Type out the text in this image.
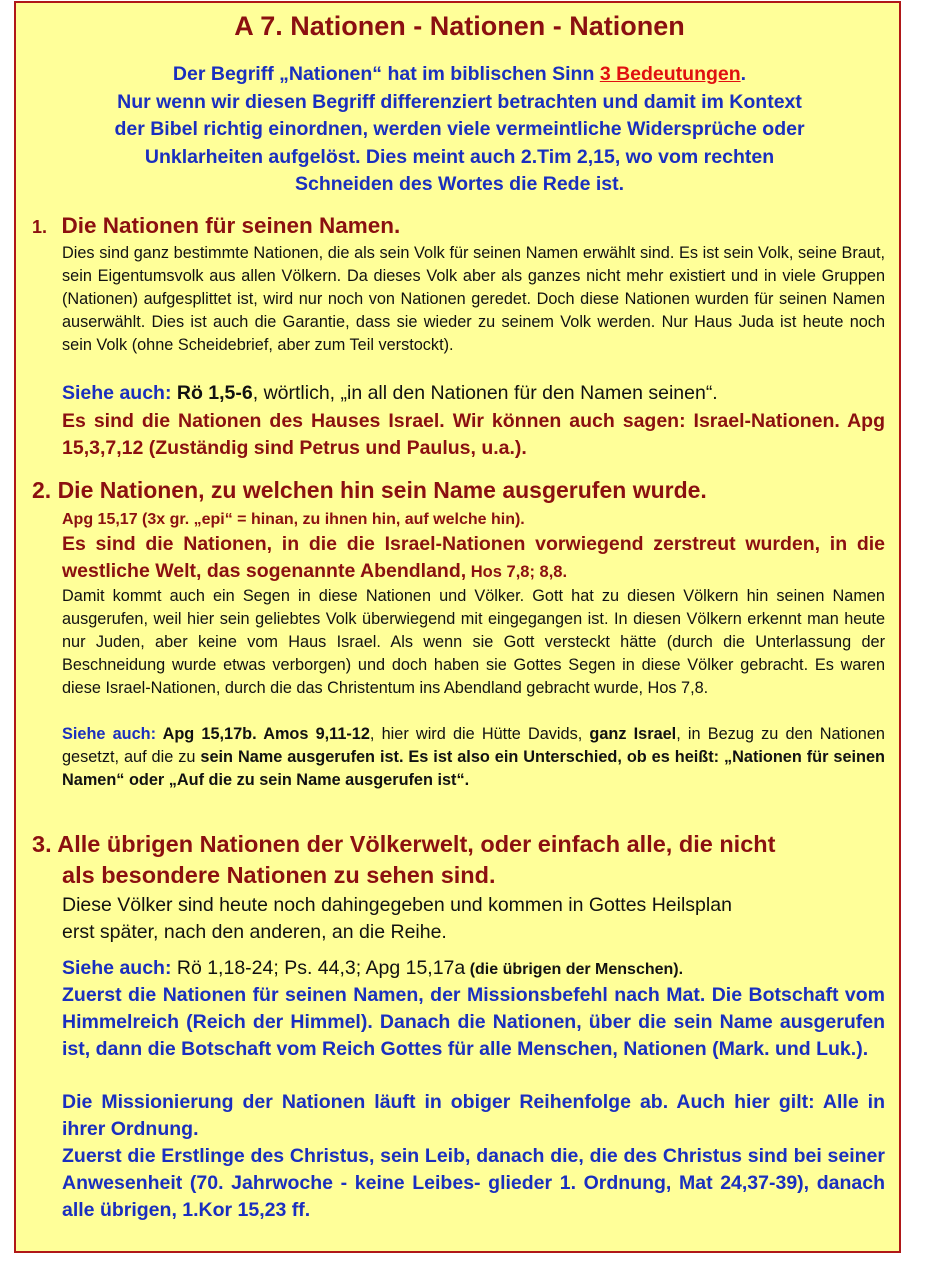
A 7. Nationen - Nationen - Nationen
Der Begriff „Nationen“ hat im biblischen Sinn 3 Bedeutungen.
Nur wenn wir diesen Begriff differenziert betrachten und damit im Kontext
der Bibel richtig einordnen, werden viele vermeintliche Widersprüche oder
Unklarheiten aufgelöst. Dies meint auch 2.Tim 2,15, wo vom rechten
Schneiden des Wortes die Rede ist.
1. Die Nationen für seinen Namen.
Dies sind ganz bestimmte Nationen, die als sein Volk für seinen Namen erwählt sind. Es ist sein Volk, seine Braut, sein Eigentumsvolk aus allen Völkern. Da dieses Volk aber als ganzes nicht mehr existiert und in viele Gruppen (Nationen) aufgesplittet ist, wird nur noch von Nationen geredet. Doch diese Nationen wurden für seinen Namen auserwählt. Dies ist auch die Garantie, dass sie wieder zu seinem Volk werden. Nur Haus Juda ist heute noch sein Volk (ohne Scheidebrief, aber zum Teil verstockt).
Siehe auch: Rö 1,5-6, wörtlich, „in all den Nationen für den Namen seinen“.
Es sind die Nationen des Hauses Israel. Wir können auch sagen: Israel-Nationen. Apg 15,3,7,12 (Zuständig sind Petrus und Paulus, u.a.).
2. Die Nationen, zu welchen hin sein Name ausgerufen wurde.
Apg 15,17 (3x gr. „epi“ = hinan, zu ihnen hin, auf welche hin).
Es sind die Nationen, in die die Israel-Nationen vorwiegend zerstreut wurden, in die westliche Welt, das sogenannte Abendland, Hos 7,8; 8,8.
Damit kommt auch ein Segen in diese Nationen und Völker. Gott hat zu diesen Völkern hin seinen Namen ausgerufen, weil hier sein geliebtes Volk überwiegend mit eingegangen ist. In diesen Völkern erkennt man heute nur Juden, aber keine vom Haus Israel. Als wenn sie Gott versteckt hätte (durch die Unterlassung der Beschneidung wurde etwas verborgen) und doch haben sie Gottes Segen in diese Völker gebracht. Es waren diese Israel-Nationen, durch die das Christentum ins Abendland gebracht wurde, Hos 7,8.
Siehe auch: Apg 15,17b. Amos 9,11-12, hier wird die Hütte Davids, ganz Israel, in Bezug zu den Nationen gesetzt, auf die zu sein Name ausgerufen ist. Es ist also ein Unterschied, ob es heißt: „Nationen für seinen Namen“ oder „Auf die zu sein Name ausgerufen ist“.
3. Alle übrigen Nationen der Völkerwelt, oder einfach alle, die nicht
als besondere Nationen zu sehen sind.
Diese Völker sind heute noch dahingegeben und kommen in Gottes Heilsplan
erst später, nach den anderen, an die Reihe.
Siehe auch: Rö 1,18-24; Ps. 44,3; Apg 15,17a (die übrigen der Menschen).
Zuerst die Nationen für seinen Namen, der Missionsbefehl nach Mat. Die Botschaft vom Himmelreich (Reich der Himmel). Danach die Nationen, über die sein Name ausgerufen ist, dann die Botschaft vom Reich Gottes für alle Menschen, Nationen (Mark. und Luk.).
Die Missionierung der Nationen läuft in obiger Reihenfolge ab. Auch hier gilt: Alle in ihrer Ordnung.
Zuerst die Erstlinge des Christus, sein Leib, danach die, die des Christus sind bei seiner Anwesenheit (70. Jahrwoche - keine Leibes- glieder 1. Ordnung, Mat 24,37-39), danach alle übrigen, 1.Kor 15,23 ff.
